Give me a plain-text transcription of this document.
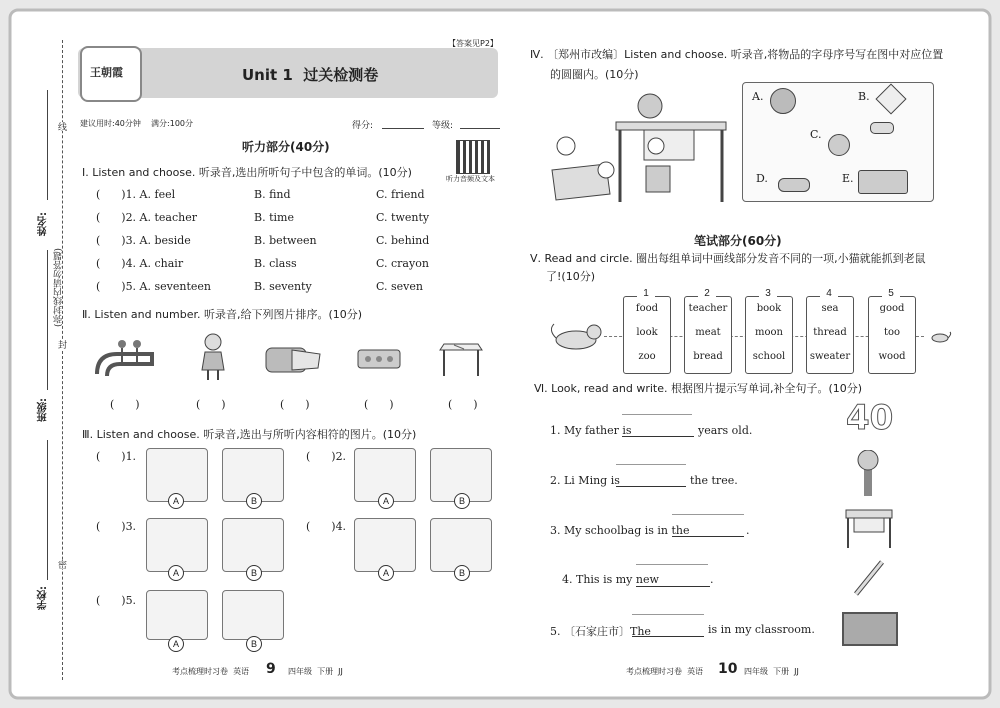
姓名:
(弥封线内请勿答题)
班级:
学校:
线
封
密
【答案见P2】
王朝霞	Unit 1  过关检测卷
建议用时:40分钟    满分:100分	得分:	等级:
听力部分(40分)
听力音频及文本
Ⅰ. Listen and choose. 听录音,选出所听句子中包含的单词。(10分)
(      )1. A. feel	B. find	C. friend
(      )2. A. teacher	B. time	C. twenty
(      )3. A. beside	B. between	C. behind
(      )4. A. chair	B. class	C. crayon
(      )5. A. seventeen	B. seventy	C. seven
Ⅱ. Listen and number. 听录音,给下列图片排序。(10分)
(      )	(      )	(      )	(      )	(      )
Ⅲ. Listen and choose. 听录音,选出与所听内容相符的图片。(10分)
(      )1.
A	B
(      )2.
A	B
(      )3.
A	B
(      )4.
A	B
(      )5.
A	B
考点梳理时习卷  英语 9 四年级  下册  JJ
Ⅳ. 〔郑州市改编〕Listen and choose. 听录音,将物品的字母序号写在图中对应位置
的圆圈内。(10分)
A.	B.
C.
D.	E.
笔试部分(60分)
Ⅴ. Read and circle. 圈出每组单词中画线部分发音不同的一项,小猫就能抓到老鼠
了!(10分)
food
look
zoo
1
teacher
meat
bread
2
book
moon
school
3
sea
thread
sweater
4
good
too
wood
5
Ⅵ. Look, read and write. 根据图片提示写单词,补全句子。(10分)
1. My father is	years old.	40
2. Li Ming is	the tree.
3. My schoolbag is in the	.
4. This is my new	.
5. 〔石家庄市〕The	is in my classroom.
考点梳理时习卷  英语 10 四年级  下册  JJ
